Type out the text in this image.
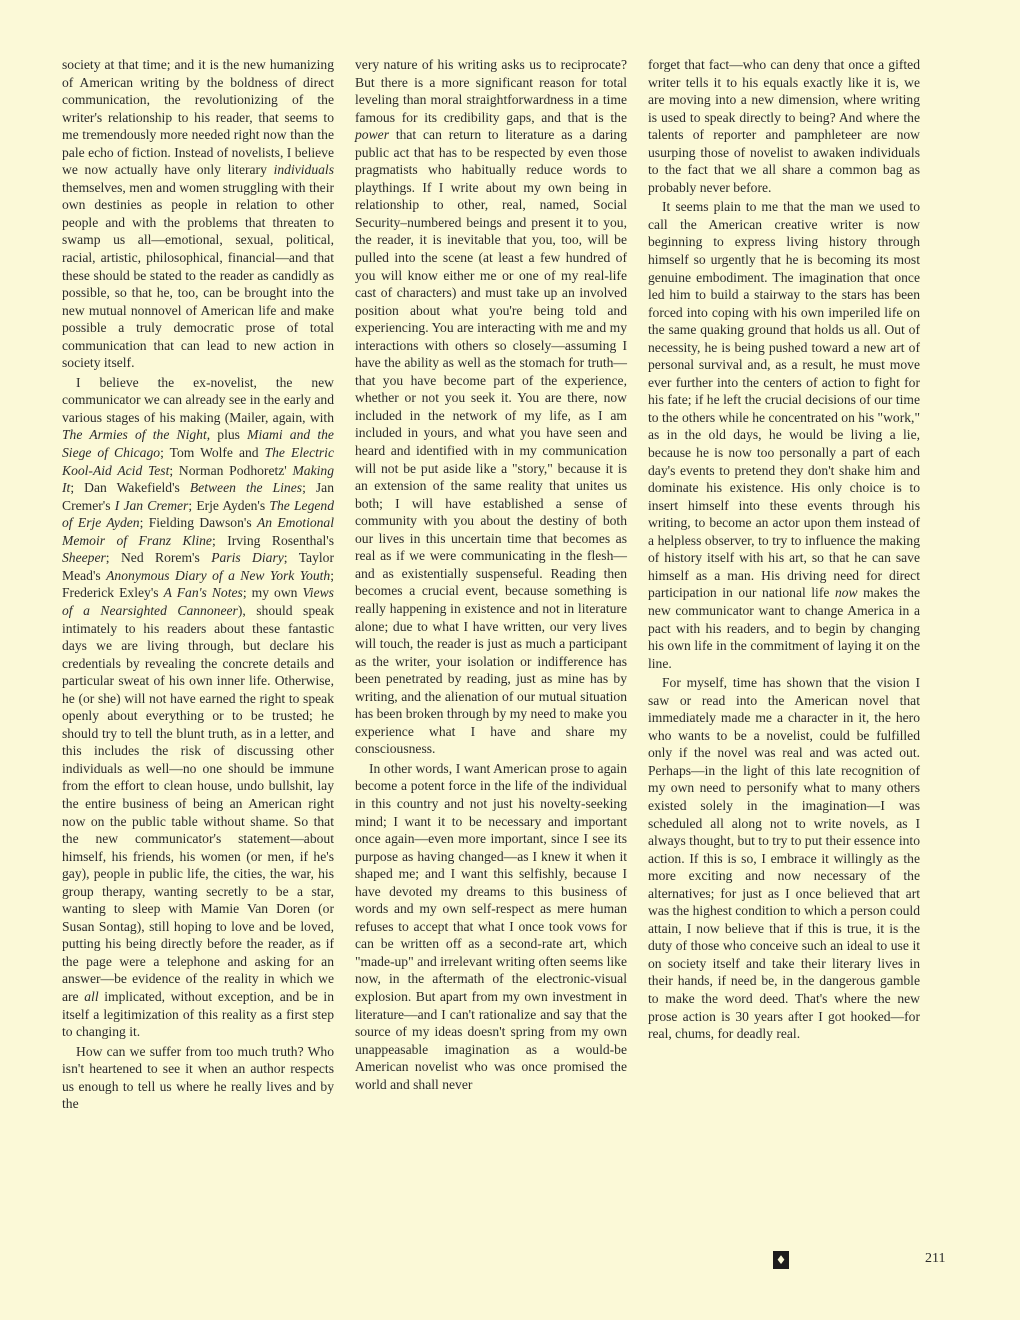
society at that time; and it is the new humanizing of American writing by the boldness of direct communication, the revolutionizing of the writer's relationship to his reader, that seems to me tremendously more needed right now than the pale echo of fiction. Instead of novelists, I believe we now actually have only literary individuals themselves, men and women struggling with their own destinies as people in relation to other people and with the problems that threaten to swamp us all—emotional, sexual, political, racial, artistic, philosophical, financial—and that these should be stated to the reader as candidly as possible, so that he, too, can be brought into the new mutual nonnovel of American life and make possible a truly democratic prose of total communication that can lead to new action in society itself.

I believe the ex-novelist, the new communicator we can already see in the early and various stages of his making (Mailer, again, with The Armies of the Night, plus Miami and the Siege of Chicago; Tom Wolfe and The Electric Kool-Aid Acid Test; Norman Podhoretz' Making It; Dan Wakefield's Between the Lines; Jan Cremer's I Jan Cremer; Erje Ayden's The Legend of Erje Ayden; Fielding Dawson's An Emotional Memoir of Franz Kline; Irving Rosenthal's Sheeper; Ned Rorem's Paris Diary; Taylor Mead's Anonymous Diary of a New York Youth; Frederick Exley's A Fan's Notes; my own Views of a Nearsighted Cannoneer), should speak intimately to his readers about these fantastic days we are living through, but declare his credentials by revealing the concrete details and particular sweat of his own inner life. Otherwise, he (or she) will not have earned the right to speak openly about everything or to be trusted; he should try to tell the blunt truth, as in a letter, and this includes the risk of discussing other individuals as well—no one should be immune from the effort to clean house, undo bullshit, lay the entire business of being an American right now on the public table without shame. So that the new communicator's statement—about himself, his friends, his women (or men, if he's gay), people in public life, the cities, the war, his group therapy, wanting secretly to be a star, wanting to sleep with Mamie Van Doren (or Susan Sontag), still hoping to love and be loved, putting his being directly before the reader, as if the page were a telephone and asking for an answer—be evidence of the reality in which we are all implicated, without exception, and be in itself a legitimization of this reality as a first step to changing it.

How can we suffer from too much truth? Who isn't heartened to see it when an author respects us enough to tell us where he really lives and by the

very nature of his writing asks us to reciprocate? But there is a more significant reason for total leveling than moral straightforwardness in a time famous for its credibility gaps, and that is the power that can return to literature as a daring public act that has to be respected by even those pragmatists who habitually reduce words to playthings. If I write about my own being in relationship to other, real, named, Social Security–numbered beings and present it to you, the reader, it is inevitable that you, too, will be pulled into the scene (at least a few hundred of you will know either me or one of my real-life cast of characters) and must take up an involved position about what you're being told and experiencing. You are interacting with me and my interactions with others so closely—assuming I have the ability as well as the stomach for truth—that you have become part of the experience, whether or not you seek it. You are there, now included in the network of my life, as I am included in yours, and what you have seen and heard and identified with in my communication will not be put aside like a "story," because it is an extension of the same reality that unites us both; I will have established a sense of community with you about the destiny of both our lives in this uncertain time that becomes as real as if we were communicating in the flesh—and as existentially suspenseful. Reading then becomes a crucial event, because something is really happening in existence and not in literature alone; due to what I have written, our very lives will touch, the reader is just as much a participant as the writer, your isolation or indifference has been penetrated by reading, just as mine has by writing, and the alienation of our mutual situation has been broken through by my need to make you experience what I have and share my consciousness.

In other words, I want American prose to again become a potent force in the life of the individual in this country and not just his novelty-seeking mind; I want it to be necessary and important once again—even more important, since I see its purpose as having changed—as I knew it when it shaped me; and I want this selfishly, because I have devoted my dreams to this business of words and my own self-respect as mere human refuses to accept that what I once took vows for can be written off as a second-rate art, which "made-up" and irrelevant writing often seems like now, in the aftermath of the electronic-visual explosion. But apart from my own investment in literature—and I can't rationalize and say that the source of my ideas doesn't spring from my own unappeasable imagination as a would-be American novelist who was once promised the world and shall never

forget that fact—who can deny that once a gifted writer tells it to his equals exactly like it is, we are moving into a new dimension, where writing is used to speak directly to being? And where the talents of reporter and pamphleteer are now usurping those of novelist to awaken individuals to the fact that we all share a common bag as probably never before.

It seems plain to me that the man we used to call the American creative writer is now beginning to express living history through himself so urgently that he is becoming its most genuine embodiment. The imagination that once led him to build a stairway to the stars has been forced into coping with his own imperiled life on the same quaking ground that holds us all. Out of necessity, he is being pushed toward a new art of personal survival and, as a result, he must move ever further into the centers of action to fight for his fate; if he left the crucial decisions of our time to the others while he concentrated on his "work," as in the old days, he would be living a lie, because he is now too personally a part of each day's events to pretend they don't shake him and dominate his existence. His only choice is to insert himself into these events through his writing, to become an actor upon them instead of a helpless observer, to try to influence the making of history itself with his art, so that he can save himself as a man. His driving need for direct participation in our national life now makes the new communicator want to change America in a pact with his readers, and to begin by changing his own life in the commitment of laying it on the line.

For myself, time has shown that the vision I saw or read into the American novel that immediately made me a character in it, the hero who wants to be a novelist, could be fulfilled only if the novel was real and was acted out. Perhaps—in the light of this late recognition of my own need to personify what to many others existed solely in the imagination—I was scheduled all along not to write novels, as I always thought, but to try to put their essence into action. If this is so, I embrace it willingly as the more exciting and now necessary of the alternatives; for just as I once believed that art was the highest condition to which a person could attain, I now believe that if this is true, it is the duty of those who conceive such an ideal to use it on society itself and take their literary lives in their hands, if need be, in the dangerous gamble to make the word deed. That's where the new prose action is 30 years after I got hooked—for real, chums, for deadly real.

♦	211
